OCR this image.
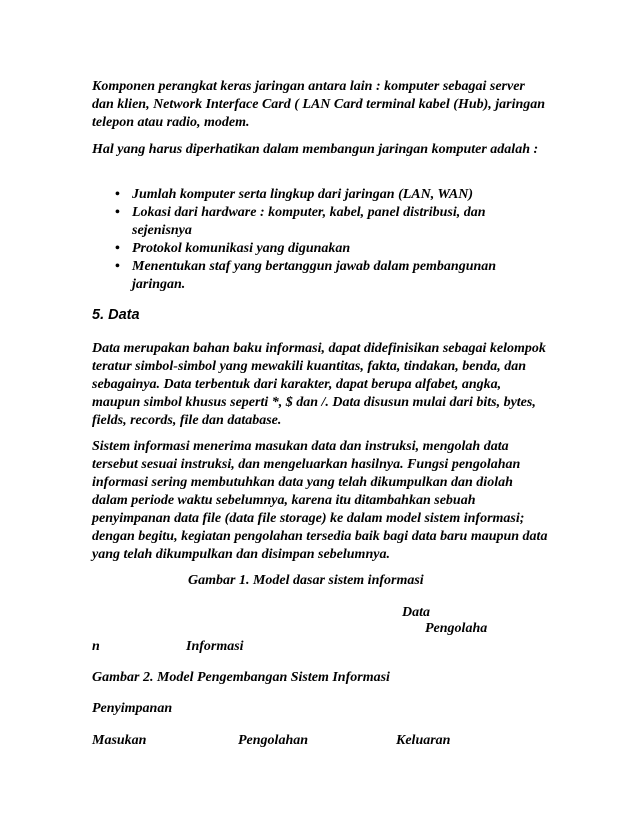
Komponen perangkat keras jaringan antara lain : komputer sebagai server dan klien, Network Interface Card ( LAN Card terminal kabel (Hub), jaringan telepon atau radio, modem.

Hal yang harus diperhatikan dalam membangun jaringan komputer adalah :

• Jumlah komputer serta lingkup dari jaringan (LAN, WAN)
• Lokasi dari hardware : komputer, kabel, panel distribusi, dan sejenisnya
• Protokol komunikasi yang digunakan
• Menentukan staf yang bertanggun jawab dalam pembangunan jaringan.
5. Data

Data merupakan bahan baku informasi, dapat didefinisikan sebagai kelompok teratur simbol-simbol yang mewakili kuantitas, fakta, tindakan, benda, dan sebagainya. Data terbentuk dari karakter, dapat berupa alfabet, angka, maupun simbol khusus seperti *, $ dan /. Data disusun mulai dari bits, bytes, fields, records, file dan database.

Sistem informasi menerima masukan data dan instruksi, mengolah data tersebut sesuai instruksi, dan mengeluarkan hasilnya. Fungsi pengolahan informasi sering membutuhkan data yang telah dikumpulkan dan diolah dalam periode waktu sebelumnya, karena itu ditambahkan sebuah penyimpanan data file (data file storage) ke dalam model sistem informasi; dengan begitu, kegiatan pengolahan tersedia baik bagi data baru maupun data yang telah dikumpulkan dan disimpan sebelumnya.

Gambar 1. Model dasar sistem informasi
Data
Pengolaha
n	Informasi
Gambar 2. Model Pengembangan Sistem Informasi
Penyimpanan
Masukan	Pengolahan	Keluaran
